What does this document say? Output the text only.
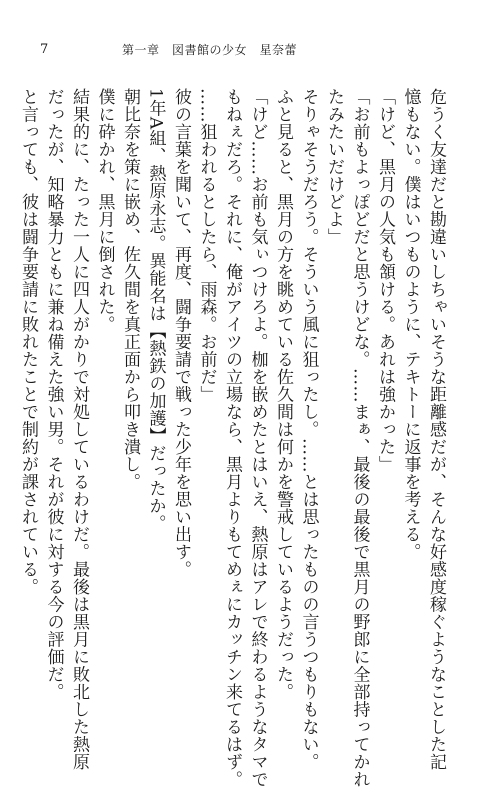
7	第一章　図書館の少女　星奈蕾
危うく友達だと勘違いしちゃいそうな距離感だが、そんな好感度稼ぐようなことした記
憶もない。僕はいつものように、テキトーに返事を考える。
「けど、黒月の人気も頷ける。あれは強かった」
「お前もよっぽどだと思うけどな。……まぁ、最後の最後で黒月の野郎に全部持ってかれ
たみたいだけどよ」
そりゃそうだろう。そういう風に狙ったし。……とは思ったものの言うつもりもない。
ふと見ると、黒月の方を眺めている佐久間は何かを警戒しているようだった。
「けど……お前も気ぃつけろよ。枷を嵌めたとはいえ、熱原はアレで終わるようなタマで
もねぇだろ。それに、俺がアイツの立場なら、黒月よりもてめぇにカッチン来てるはず。
……狙われるとしたら、雨森。お前だ」
彼の言葉を聞いて、再度、闘争要請で戦った少年を思い出す。
1年A組、熱原永志。異能名は【熱鉄の加護】だったか。
朝比奈を策に嵌め、佐久間を真正面から叩き潰し。
僕に砕かれ、黒月に倒された。
結果的に、たった一人に四人がかりで対処しているわけだ。最後は黒月に敗北した熱原
だったが、知略暴力ともに兼ね備えた強い男。それが彼に対する今の評価だ。
と言っても、彼は闘争要請に敗れたことで制約が課されている。
